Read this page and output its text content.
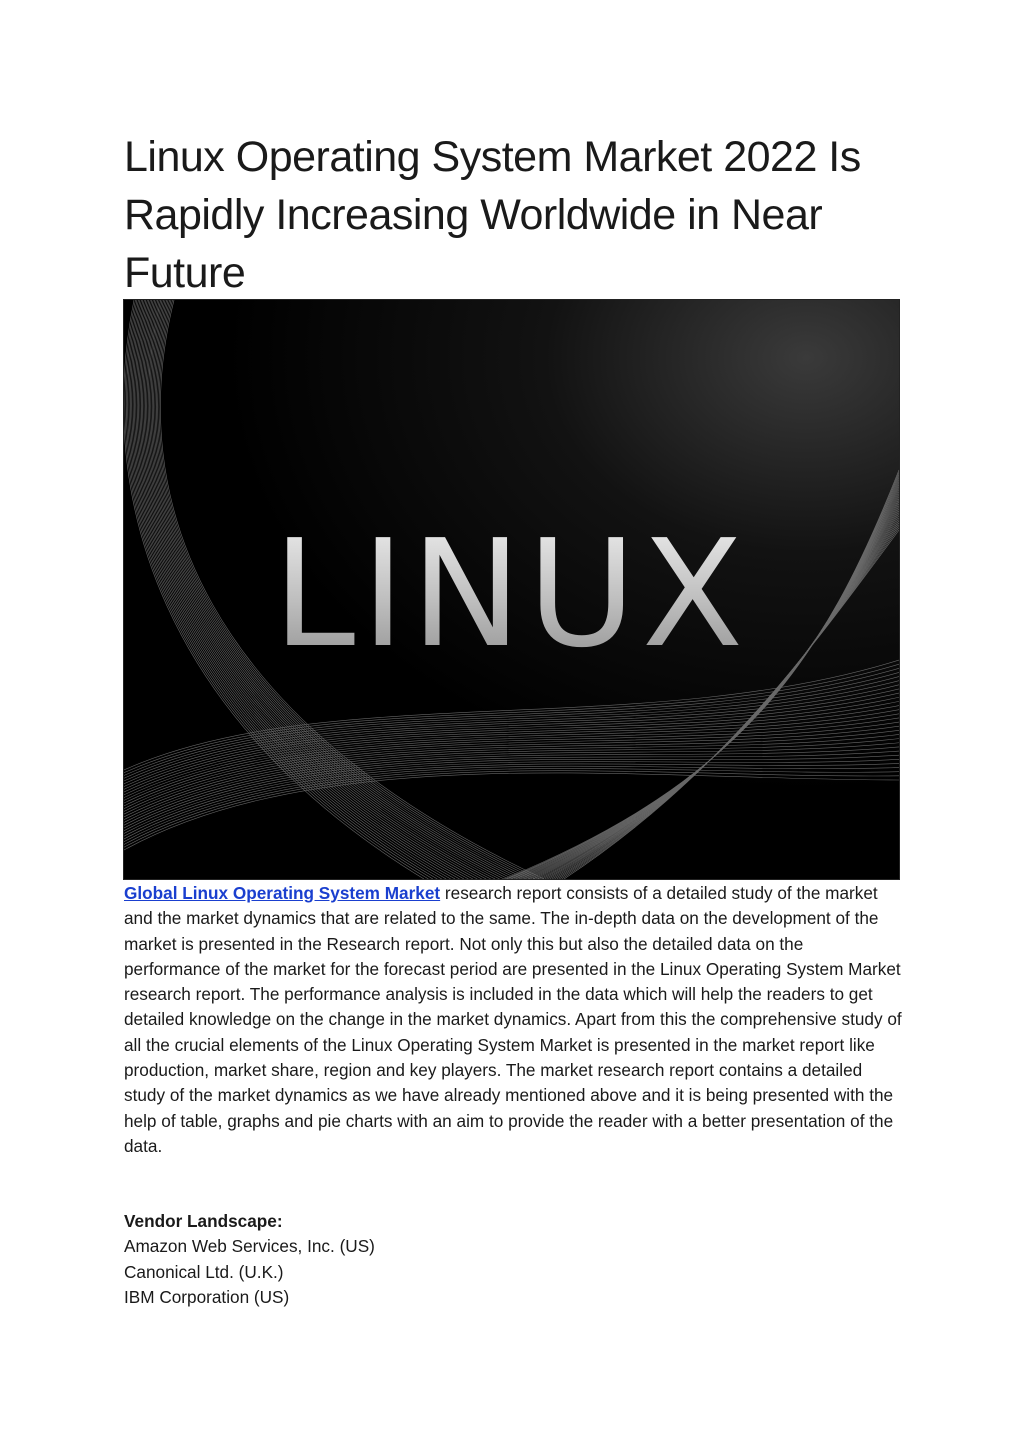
Linux Operating System Market 2022 Is Rapidly Increasing Worldwide in Near Future
LINUX

Global Linux Operating System Market research report consists of a detailed study of the market and the market dynamics that are related to the same. The in-depth data on the development of the market is presented in the Research report. Not only this but also the detailed data on the performance of the market for the forecast period are presented in the Linux Operating System Market research report. The performance analysis is included in the data which will help the readers to get detailed knowledge on the change in the market dynamics. Apart from this the comprehensive study of all the crucial elements of the Linux Operating System Market is presented in the market report like production, market share, region and key players. The market research report contains a detailed study of the market dynamics as we have already mentioned above and it is being presented with the help of table, graphs and pie charts with an aim to provide the reader with a better presentation of the data.

Vendor Landscape:
Amazon Web Services, Inc. (US)
Canonical Ltd. (U.K.)
IBM Corporation (US)
